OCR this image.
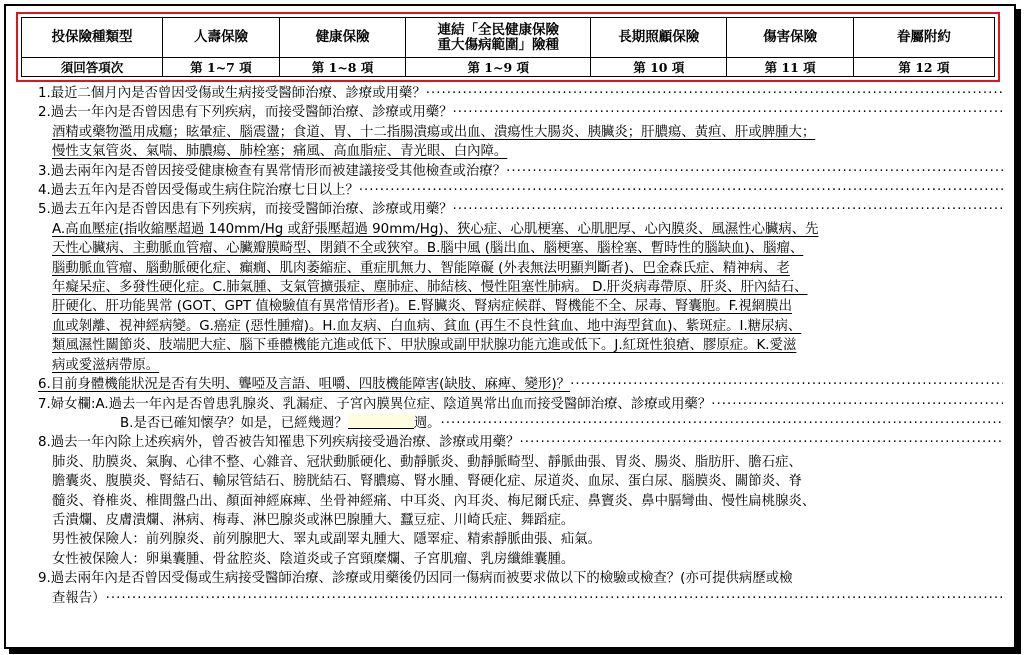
投保險種類型	人壽保險	健康保險	連結「全民健康保險
重大傷病範圍」險種	長期照顧保險	傷害保險	眷屬附約
須回答項次	第 1~7 項	第 1~8 項	第 1~9 項	第 10 項	第 11 項	第 12 項
1.最近二個月內是否曾因受傷或生病接受醫師治療、診療或用藥？
·····
2.過去一年內是否曾因患有下列疾病，而接受醫師治療、診療或用藥？
·····
酒精或藥物濫用成癮；眩暈症、腦震盪；食道、胃、十二指腸潰瘍或出血、潰瘍性大腸炎、胰臟炎；肝膿瘍、黃疸、肝或脾腫大；
慢性支氣管炎、氣喘、肺膿瘍、肺栓塞；痛風、高血脂症、青光眼、白內障。
3.過去兩年內是否曾因接受健康檢查有異常情形而被建議接受其他檢查或治療？
·····
4.過去五年內是否曾因受傷或生病住院治療七日以上？
·····
5.過去五年內是否曾因患有下列疾病，而接受醫師治療、診療或用藥？
·····
A.高血壓症(指收縮壓超過 140mm/Hg 或舒張壓超過 90mm/Hg)、狹心症、心肌梗塞、心肌肥厚、心內膜炎、風濕性心臟病、先
天性心臟病、主動脈血管瘤、心臟瓣膜畸型、閉鎖不全或狹窄。B.腦中風 (腦出血、腦梗塞、腦栓塞、暫時性的腦缺血)、腦瘤、
腦動脈血管瘤、腦動脈硬化症、癲癇、肌肉萎縮症、重症肌無力、智能障礙 (外表無法明顯判斷者)、巴金森氏症、精神病、老
年癡呆症、多發性硬化症。C.肺氣腫、支氣管擴張症、塵肺症、肺結核、慢性阻塞性肺病。 D.肝炎病毒帶原、肝炎、肝內結石、
肝硬化、肝功能異常 (GOT、GPT 值檢驗值有異常情形者)。E.腎臟炎、腎病症候群、腎機能不全、尿毒、腎囊胞。F.視網膜出
血或剝離、視神經病變。G.癌症 (惡性腫瘤)。H.血友病、白血病、貧血 (再生不良性貧血、地中海型貧血)、紫斑症。I.糖尿病、
類風濕性關節炎、肢端肥大症、腦下垂體機能亢進或低下、甲狀腺或副甲狀腺功能亢進或低下。J.紅斑性狼瘡、膠原症。K.愛滋
病或愛滋病帶原。
6.目前身體機能狀況是否有失明、聾啞及言語、咀嚼、四肢機能障害(缺肢、麻痺、變形)？
·····
7.婦女欄:A.過去一年內是否曾患乳腺炎、乳漏症、子宮內膜異位症、陰道異常出血而接受醫師治療、診療或用藥？
·····
B.是否已確知懷孕？如是，已經幾週？	週。
·····
8.過去一年內除上述疾病外，曾否被告知罹患下列疾病接受過治療、診療或用藥？
·····
肺炎、肋膜炎、氣胸、心律不整、心雜音、冠狀動脈硬化、動靜脈炎、動靜脈畸型、靜脈曲張、胃炎、腸炎、脂肪肝、膽石症、
膽囊炎、腹膜炎、腎結石、輸尿管結石、膀胱結石、腎膿瘍、腎水腫、腎硬化症、尿道炎、血尿、蛋白尿、腦膜炎、關節炎、脊
髓炎、脊椎炎、椎間盤凸出、顏面神經麻痺、坐骨神經痛、中耳炎、內耳炎、梅尼爾氏症、鼻竇炎、鼻中膈彎曲、慢性扁桃腺炎、
舌潰爛、皮膚潰爛、淋病、梅毒、淋巴腺炎或淋巴腺腫大、蠶豆症、川崎氏症、舞蹈症。
男性被保險人：前列腺炎、前列腺肥大、睪丸或副睪丸腫大、隱睪症、精索靜脈曲張、疝氣。
女性被保險人：卵巢囊腫、骨盆腔炎、陰道炎或子宮頸糜爛、子宮肌瘤、乳房纖維囊腫。
9.過去兩年內是否曾因受傷或生病接受醫師治療、診療或用藥後仍因同一傷病而被要求做以下的檢驗或檢查？(亦可提供病歷或檢
查報告）
·····
